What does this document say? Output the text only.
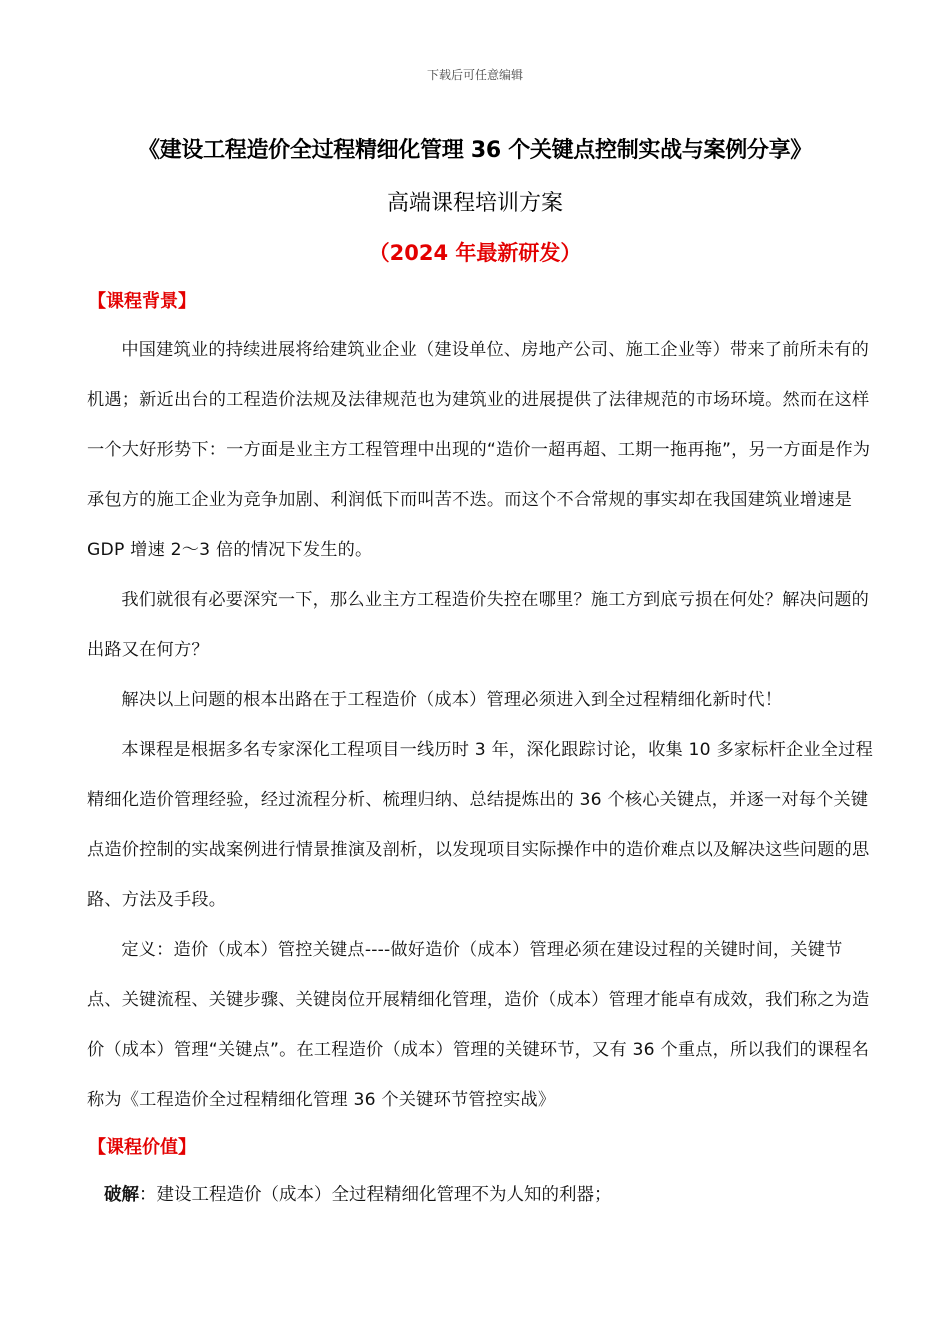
下载后可任意编辑
《建设工程造价全过程精细化管理 36 个关键点控制实战与案例分享》
高端课程培训方案
（2024 年最新研发）
【课程背景】

中国建筑业的持续进展将给建筑业企业（建设单位、房地产公司、施工企业等）带来了前所未有的机遇；新近出台的工程造价法规及法律规范也为建筑业的进展提供了法律规范的市场环境。然而在这样一个大好形势下：一方面是业主方工程管理中出现的“造价一超再超、工期一拖再拖”，另一方面是作为承包方的施工企业为竞争加剧、利润低下而叫苦不迭。而这个不合常规的事实却在我国建筑业增速是 GDP 增速 2～3 倍的情况下发生的。

我们就很有必要深究一下，那么业主方工程造价失控在哪里？施工方到底亏损在何处？解决问题的出路又在何方？

解决以上问题的根本出路在于工程造价（成本）管理必须进入到全过程精细化新时代！

本课程是根据多名专家深化工程项目一线历时 3 年，深化跟踪讨论，收集 10 多家标杆企业全过程精细化造价管理经验，经过流程分析、梳理归纳、总结提炼出的 36 个核心关键点，并逐一对每个关键点造价控制的实战案例进行情景推演及剖析，以发现项目实际操作中的造价难点以及解决这些问题的思路、方法及手段。

定义：造价（成本）管控关键点----做好造价（成本）管理必须在建设过程的关键时间，关键节点、关键流程、关键步骤、关键岗位开展精细化管理，造价（成本）管理才能卓有成效，我们称之为造价（成本）管理“关键点”。在工程造价（成本）管理的关键环节，又有 36 个重点，所以我们的课程名称为《工程造价全过程精细化管理 36 个关键环节管控实战》

【课程价值】
破解：建设工程造价（成本）全过程精细化管理不为人知的利器；
